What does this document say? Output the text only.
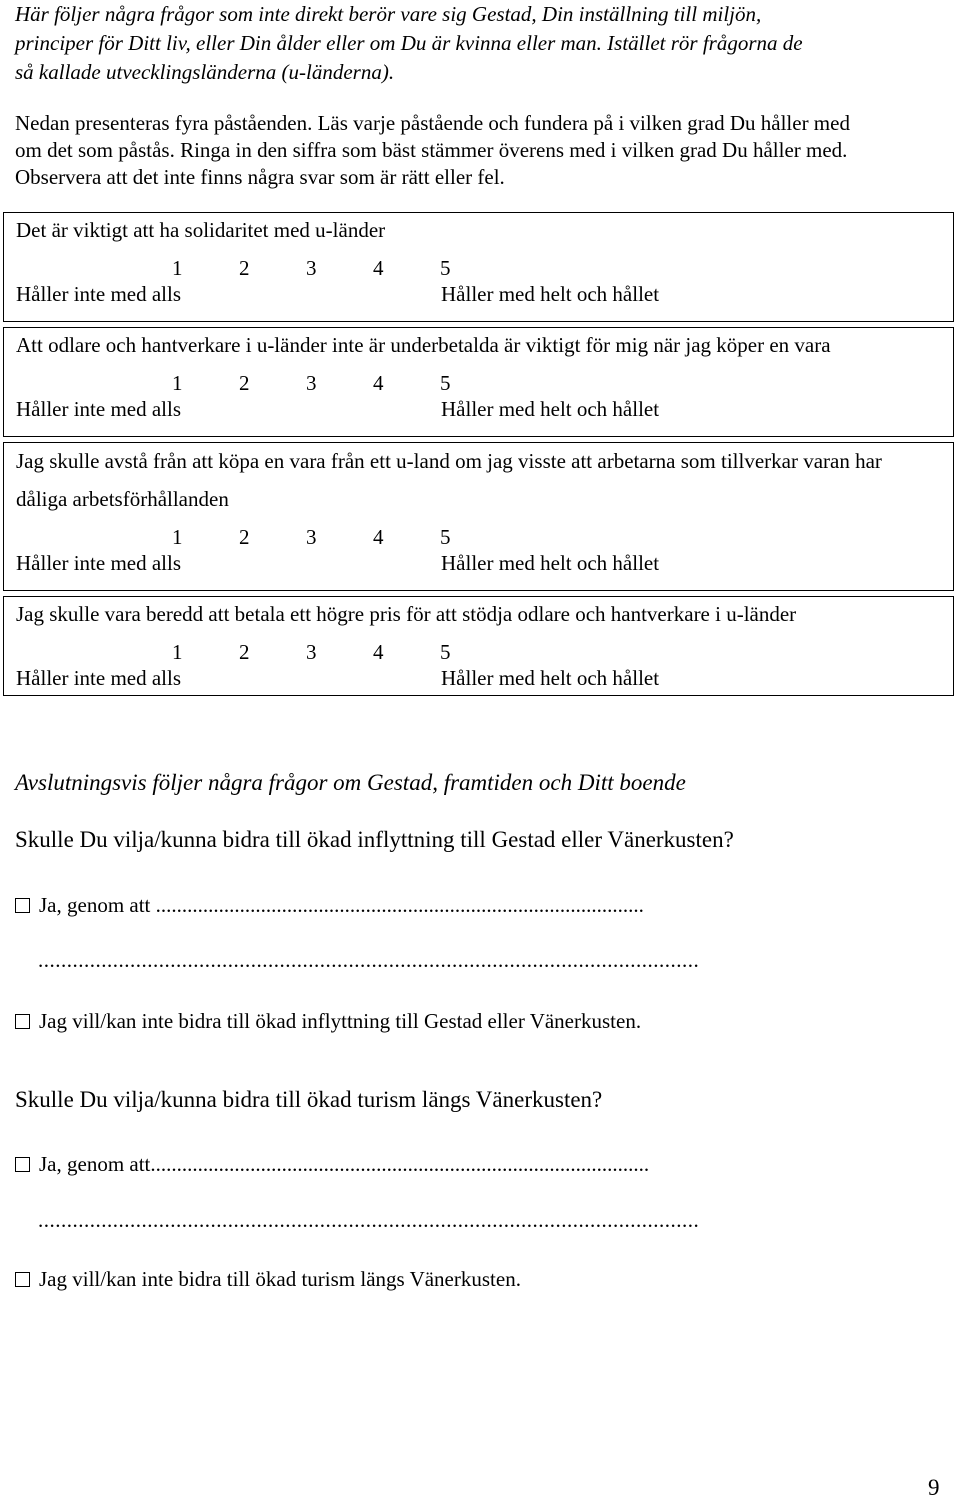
Här följer några frågor som inte direkt berör vare sig Gestad, Din inställning till miljön,
principer för Ditt liv, eller Din ålder eller om Du är kvinna eller man. Istället rör frågorna de
så kallade utvecklingsländerna (u-länderna).
Nedan presenteras fyra påståenden. Läs varje påstående och fundera på i vilken grad Du håller med
om det som påstås. Ringa in den siffra som bäst stämmer överens med i vilken grad Du håller med.
Observera att det inte finns några svar som är rätt eller fel.
Det är viktigt att ha solidaritet med u-länder
1	2	3	4	5
Håller inte med alls	Håller med helt och hållet
Att odlare och hantverkare i u-länder inte är underbetalda är viktigt för mig när jag köper en vara
1	2	3	4	5
Håller inte med alls	Håller med helt och hållet
Jag skulle avstå från att köpa en vara från ett u-land om jag visste att arbetarna som tillverkar varan har
dåliga arbetsförhållanden
1	2	3	4	5
Håller inte med alls	Håller med helt och hållet
Jag skulle vara beredd att betala ett högre pris för att stödja odlare och hantverkare i u-länder
1	2	3	4	5
Håller inte med alls	Håller med helt och hållet
Avslutningsvis följer några frågor om Gestad, framtiden och Ditt boende
Skulle Du vilja/kunna bidra till ökad inflyttning till Gestad eller Vänerkusten?
Ja, genom att .............................................................................................
...................................................................................................................
Jag vill/kan inte bidra till ökad inflyttning till Gestad eller Vänerkusten.
Skulle Du vilja/kunna bidra till ökad turism längs Vänerkusten?
Ja, genom att...............................................................................................
...................................................................................................................
Jag vill/kan inte bidra till ökad turism längs Vänerkusten.
9
